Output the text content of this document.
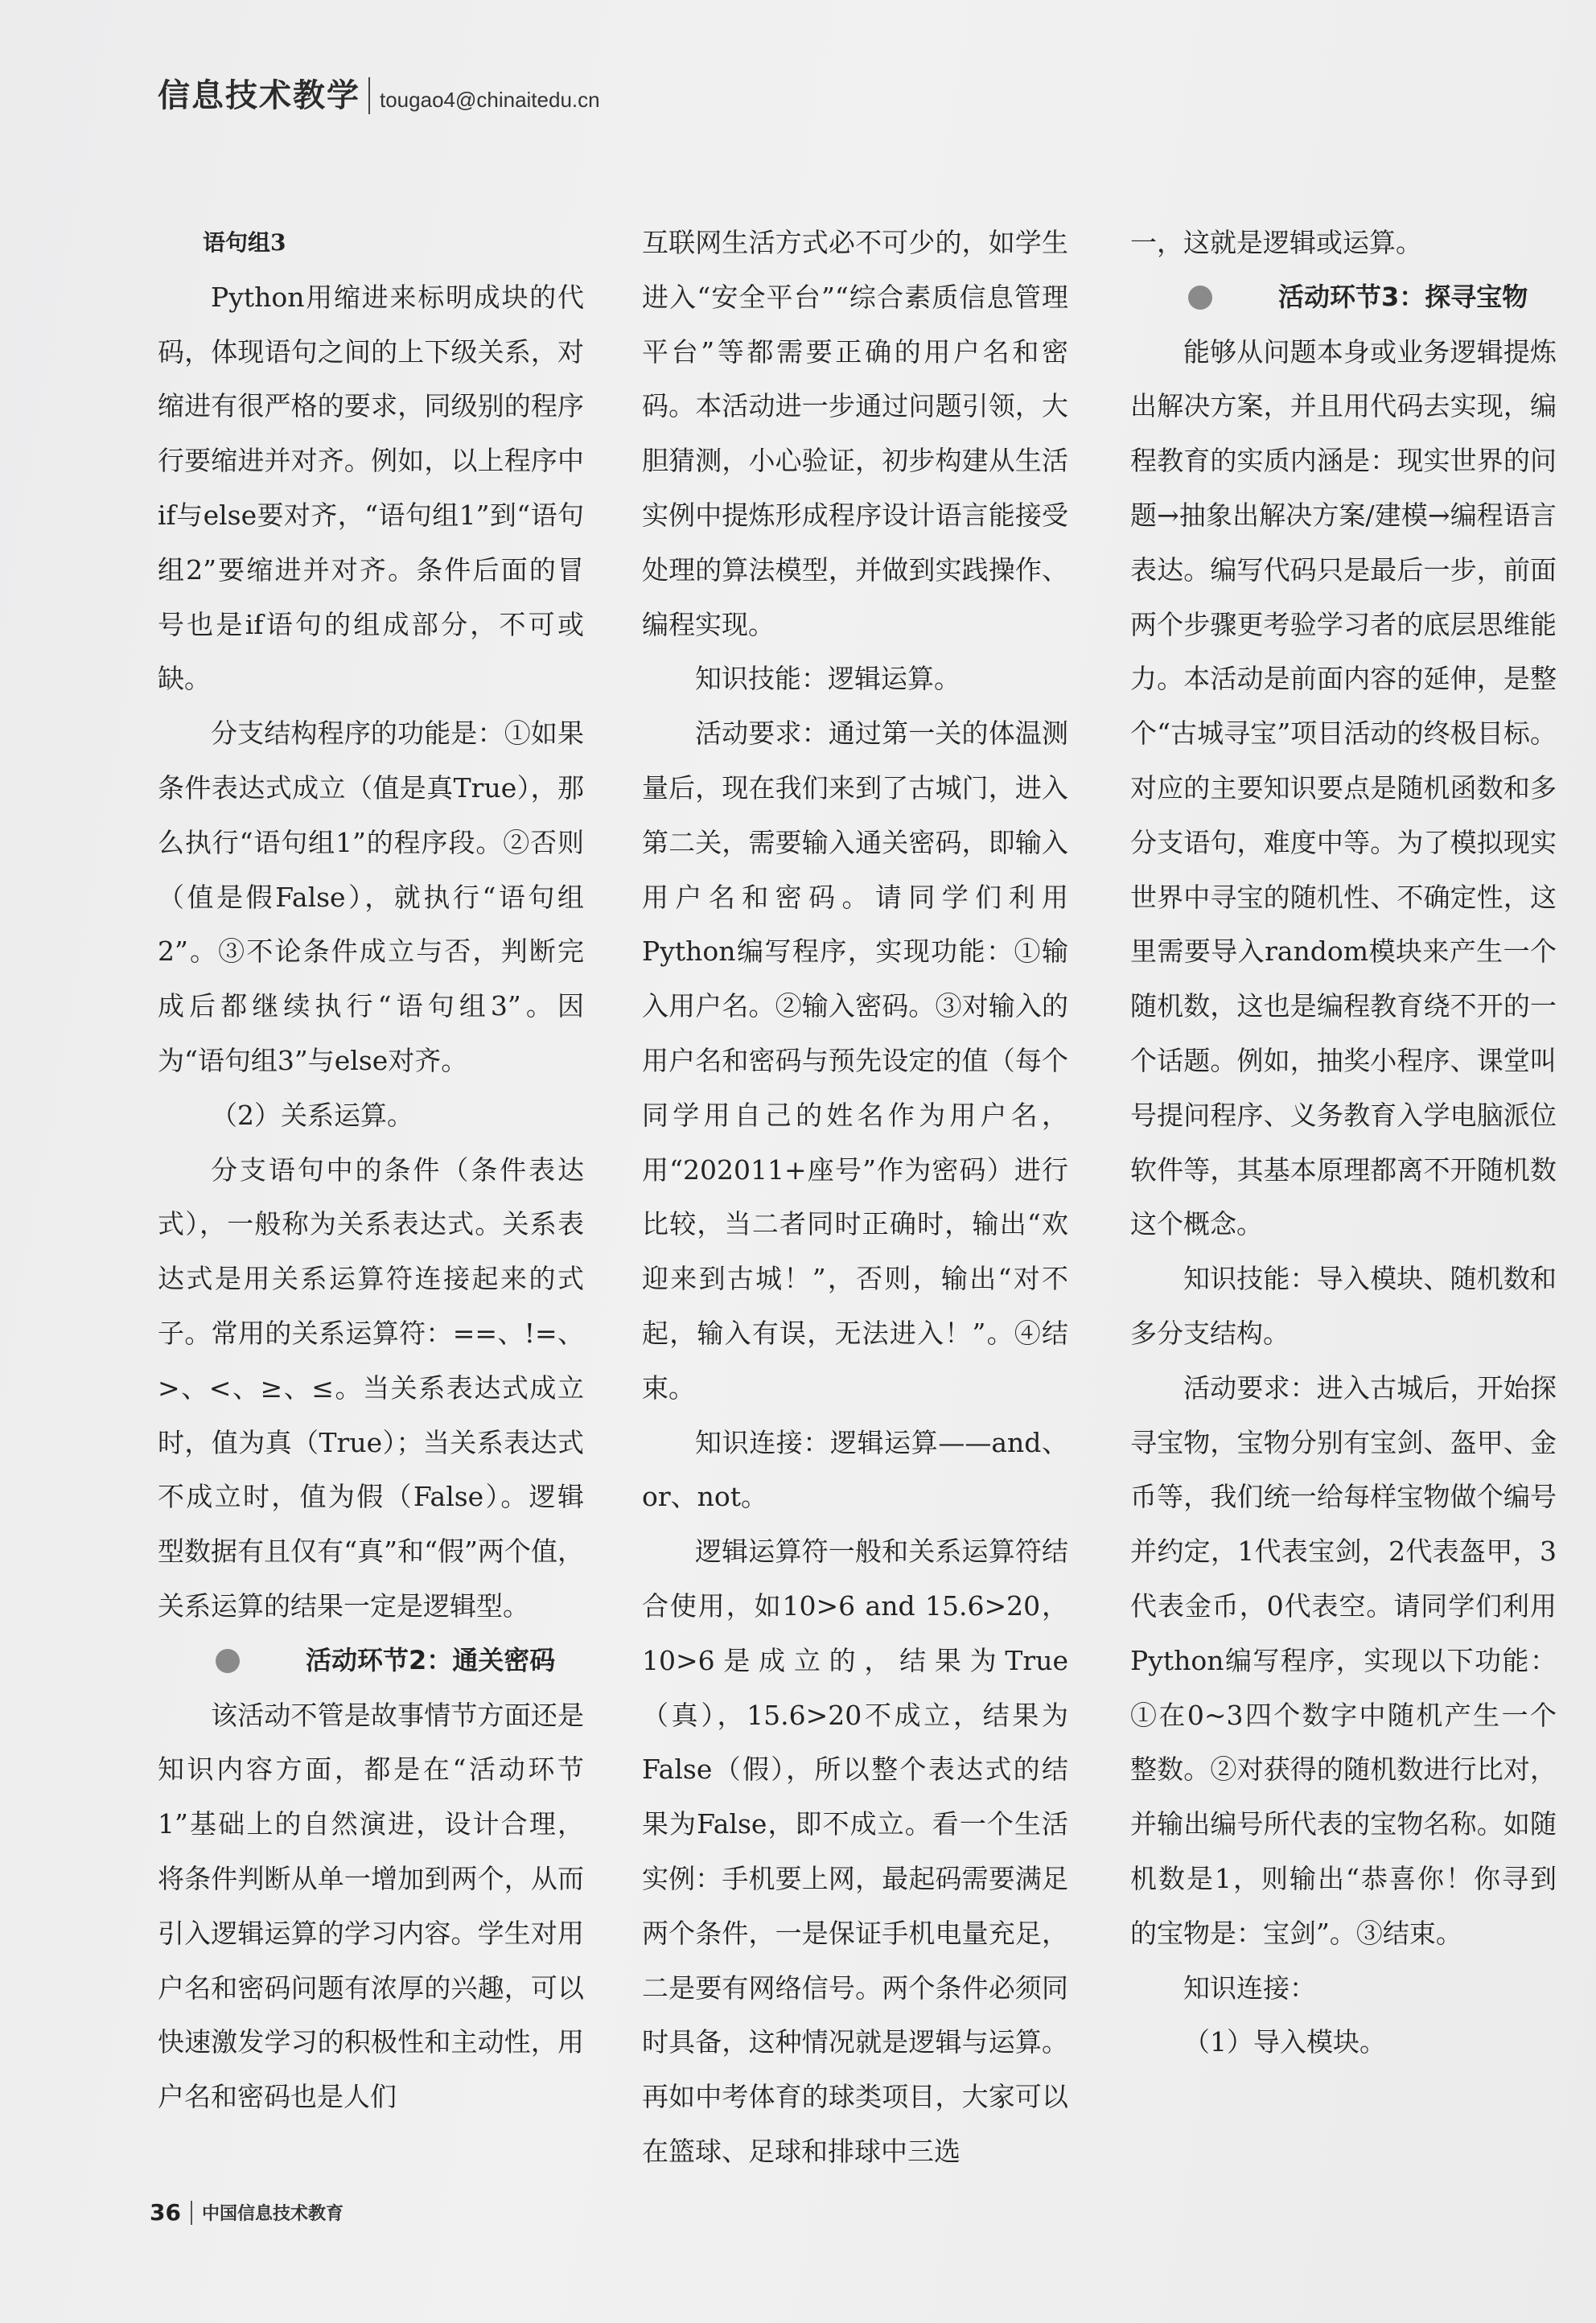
信息技术教学 tougao4@chinaitedu.cn

语句组3

Python用缩进来标明成块的代码，体现语句之间的上下级关系，对缩进有很严格的要求，同级别的程序行要缩进并对齐。例如，以上程序中if与else要对齐，“语句组1”到“语句组2”要缩进并对齐。条件后面的冒号也是if语句的组成部分，不可或缺。

分支结构程序的功能是：①如果条件表达式成立（值是真True），那么执行“语句组1”的程序段。②否则（值是假False），就执行“语句组2”。③不论条件成立与否，判断完成后都继续执行“语句组3”。因为“语句组3”与else对齐。

（2）关系运算。

分支语句中的条件（条件表达式），一般称为关系表达式。关系表达式是用关系运算符连接起来的式子。常用的关系运算符：==、!=、>、<、≥、≤。当关系表达式成立时，值为真（True）；当关系表达式不成立时，值为假（False）。逻辑型数据有且仅有“真”和“假”两个值，关系运算的结果一定是逻辑型。

活动环节2：通关密码

该活动不管是故事情节方面还是知识内容方面，都是在“活动环节1”基础上的自然演进，设计合理，将条件判断从单一增加到两个，从而引入逻辑运算的学习内容。学生对用户名和密码问题有浓厚的兴趣，可以快速激发学习的积极性和主动性，用户名和密码也是人们

互联网生活方式必不可少的，如学生进入“安全平台”“综合素质信息管理平台”等都需要正确的用户名和密码。本活动进一步通过问题引领，大胆猜测，小心验证，初步构建从生活实例中提炼形成程序设计语言能接受处理的算法模型，并做到实践操作、编程实现。

知识技能：逻辑运算。

活动要求：通过第一关的体温测量后，现在我们来到了古城门，进入第二关，需要输入通关密码，即输入用户名和密码。请同学们利用Python编写程序，实现功能：①输入用户名。②输入密码。③对输入的用户名和密码与预先设定的值（每个同学用自己的姓名作为用户名，用“202011+座号”作为密码）进行比较，当二者同时正确时，输出“欢迎来到古城！”，否则，输出“对不起，输入有误，无法进入！”。④结束。

知识连接：逻辑运算——and、or、not。

逻辑运算符一般和关系运算符结合使用，如10>6 and 15.6>20，10>6是成立的，结果为True（真），15.6>20不成立，结果为False（假），所以整个表达式的结果为False，即不成立。看一个生活实例：手机要上网，最起码需要满足两个条件，一是保证手机电量充足，二是要有网络信号。两个条件必须同时具备，这种情况就是逻辑与运算。再如中考体育的球类项目，大家可以在篮球、足球和排球中三选

一，这就是逻辑或运算。

活动环节3：探寻宝物

能够从问题本身或业务逻辑提炼出解决方案，并且用代码去实现，编程教育的实质内涵是：现实世界的问题→抽象出解决方案/建模→编程语言表达。编写代码只是最后一步，前面两个步骤更考验学习者的底层思维能力。本活动是前面内容的延伸，是整个“古城寻宝”项目活动的终极目标。对应的主要知识要点是随机函数和多分支语句，难度中等。为了模拟现实世界中寻宝的随机性、不确定性，这里需要导入random模块来产生一个随机数，这也是编程教育绕不开的一个话题。例如，抽奖小程序、课堂叫号提问程序、义务教育入学电脑派位软件等，其基本原理都离不开随机数这个概念。

知识技能：导入模块、随机数和多分支结构。

活动要求：进入古城后，开始探寻宝物，宝物分别有宝剑、盔甲、金币等，我们统一给每样宝物做个编号并约定，1代表宝剑，2代表盔甲，3代表金币，0代表空。请同学们利用Python编写程序，实现以下功能：①在0~3四个数字中随机产生一个整数。②对获得的随机数进行比对，并输出编号所代表的宝物名称。如随机数是1，则输出“恭喜你！你寻到的宝物是：宝剑”。③结束。

知识连接：

（1）导入模块。

36 中国信息技术教育
